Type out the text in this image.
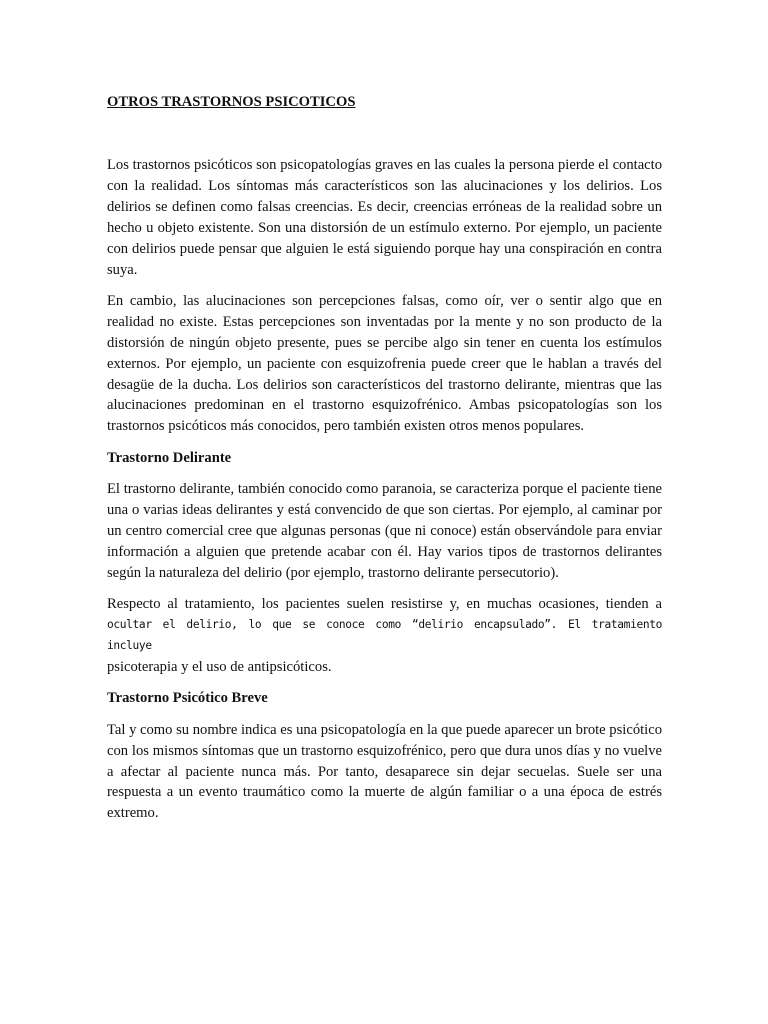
OTROS TRASTORNOS PSICOTICOS

Los trastornos psicóticos son psicopatologías graves en las cuales la persona pierde el contacto con la realidad. Los síntomas más característicos son las alucinaciones y los delirios. Los delirios se definen como falsas creencias. Es decir, creencias erróneas de la realidad sobre un hecho u objeto existente. Son una distorsión de un estímulo externo. Por ejemplo, un paciente con delirios puede pensar que alguien le está siguiendo porque hay una conspiración en contra suya.

En cambio, las alucinaciones son percepciones falsas, como oír, ver o sentir algo que en realidad no existe. Estas percepciones son inventadas por la mente y no son producto de la distorsión de ningún objeto presente, pues se percibe algo sin tener en cuenta los estímulos externos. Por ejemplo, un paciente con esquizofrenia puede creer que le hablan a través del desagüe de la ducha. Los delirios son característicos del trastorno delirante, mientras que las alucinaciones predominan en el trastorno esquizofrénico. Ambas psicopatologías son los trastornos psicóticos más conocidos, pero también existen otros menos populares.

Trastorno Delirante

El trastorno delirante, también conocido como paranoia, se caracteriza porque el paciente tiene una o varias ideas delirantes y está convencido de que son ciertas. Por ejemplo, al caminar por un centro comercial cree que algunas personas (que ni conoce) están observándole para enviar información a alguien que pretende acabar con él. Hay varios tipos de trastornos delirantes según la naturaleza del delirio (por ejemplo, trastorno delirante persecutorio).

Respecto al tratamiento, los pacientes suelen resistirse y, en muchas ocasiones, tienden a
ocultar el delirio, lo que se conoce como “delirio encapsulado”. El tratamiento incluye
psicoterapia y el uso de antipsicóticos.

Trastorno Psicótico Breve

Tal y como su nombre indica es una psicopatología en la que puede aparecer un brote psicótico con los mismos síntomas que un trastorno esquizofrénico, pero que dura unos días y no vuelve a afectar al paciente nunca más. Por tanto, desaparece sin dejar secuelas. Suele ser una respuesta a un evento traumático como la muerte de algún familiar o a una época de estrés extremo.
